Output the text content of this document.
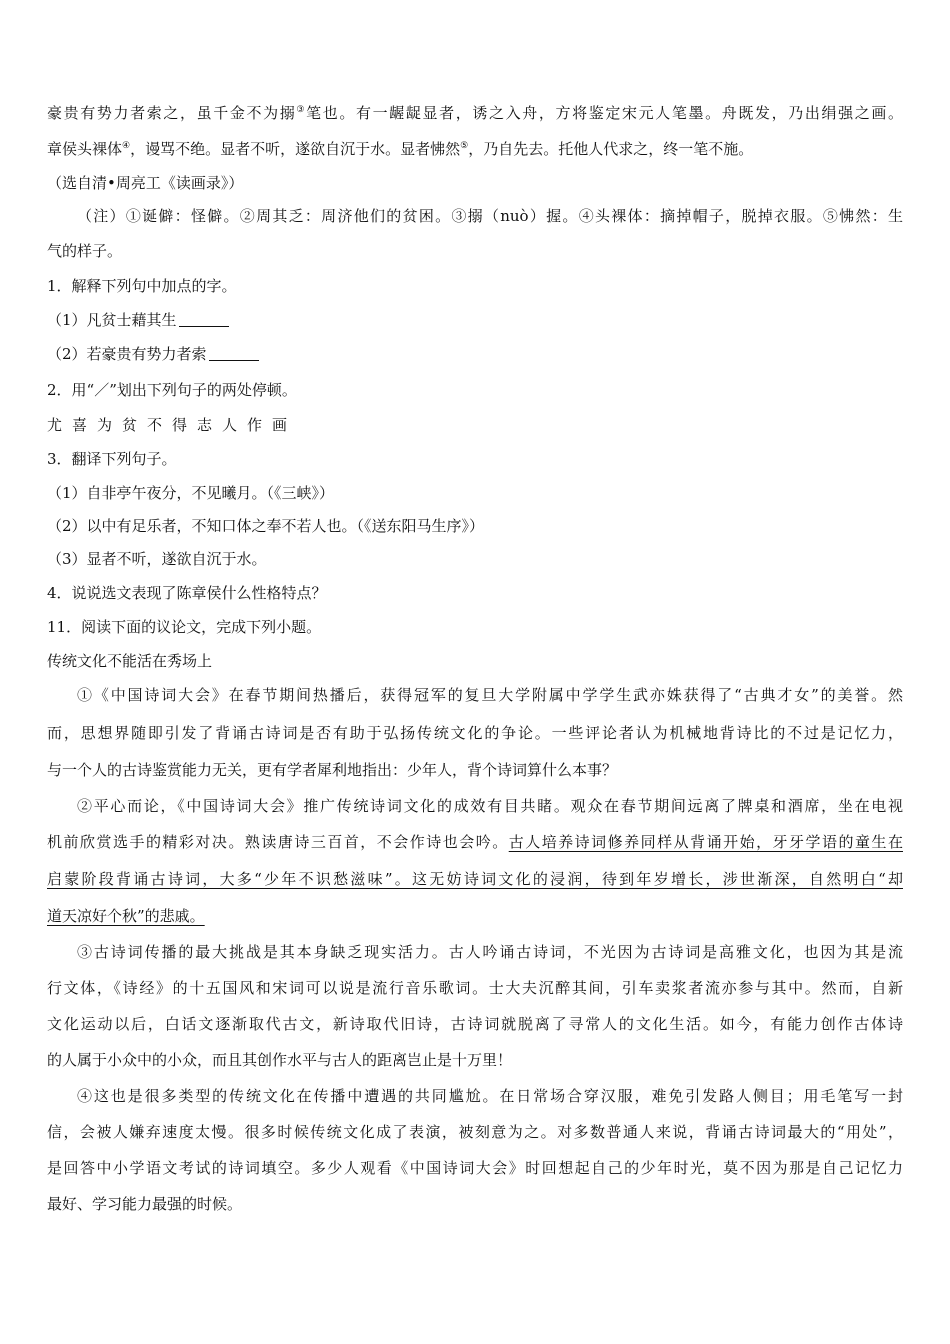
豪贵有势力者索之，虽千金不为搦③笔也。有一龌龊显者，诱之入舟，方将鉴定宋元人笔墨。舟既发，乃出绢强之画。
章侯头裸体④，谩骂不绝。显者不听，遂欲自沉于水。显者怫然⑤，乃自先去。托他人代求之，终一笔不施。
（选自清•周亮工《读画录》）
（注）①诞僻：怪僻。②周其乏：周济他们的贫困。③搦（nuò）握。④头裸体：摘掉帽子，脱掉衣服。⑤怫然：生
气的样子。
1．解释下列句中加点的字。
（1）凡贫士藉其生
（2）若豪贵有势力者索
2．用“／”划出下列句子的两处停顿。
尤喜为贫不得志人作画
3．翻译下列句子。
（1）自非亭午夜分，不见曦月。（《三峡》）
（2）以中有足乐者，不知口体之奉不若人也。（《送东阳马生序》）
（3）显者不听，遂欲自沉于水。
4．说说选文表现了陈章侯什么性格特点？
11．阅读下面的议论文，完成下列小题。
传统文化不能活在秀场上
①《中国诗词大会》在春节期间热播后，获得冠军的复旦大学附属中学学生武亦姝获得了“古典才女”的美誉。然
而，思想界随即引发了背诵古诗词是否有助于弘扬传统文化的争论。一些评论者认为机械地背诗比的不过是记忆力，
与一个人的古诗鉴赏能力无关，更有学者犀利地指出：少年人，背个诗词算什么本事？
②平心而论，《中国诗词大会》推广传统诗词文化的成效有目共睹。观众在春节期间远离了牌桌和酒席，坐在电视
机前欣赏选手的精彩对决。熟读唐诗三百首，不会作诗也会吟。古人培养诗词修养同样从背诵开始，牙牙学语的童生在
启蒙阶段背诵古诗词，大多“少年不识愁滋味”。这无妨诗词文化的浸润，待到年岁增长，涉世渐深，自然明白“却
道天凉好个秋”的悲戚。
③古诗词传播的最大挑战是其本身缺乏现实活力。古人吟诵古诗词，不光因为古诗词是高雅文化，也因为其是流
行文体，《诗经》的十五国风和宋词可以说是流行音乐歌词。士大夫沉醉其间，引车卖浆者流亦参与其中。然而，自新
文化运动以后，白话文逐渐取代古文，新诗取代旧诗，古诗词就脱离了寻常人的文化生活。如今，有能力创作古体诗
的人属于小众中的小众，而且其创作水平与古人的距离岂止是十万里！
④这也是很多类型的传统文化在传播中遭遇的共同尴尬。在日常场合穿汉服，难免引发路人侧目；用毛笔写一封
信，会被人嫌弃速度太慢。很多时候传统文化成了表演，被刻意为之。对多数普通人来说，背诵古诗词最大的“用处”，
是回答中小学语文考试的诗词填空。多少人观看《中国诗词大会》时回想起自己的少年时光，莫不因为那是自己记忆力
最好、学习能力最强的时候。
